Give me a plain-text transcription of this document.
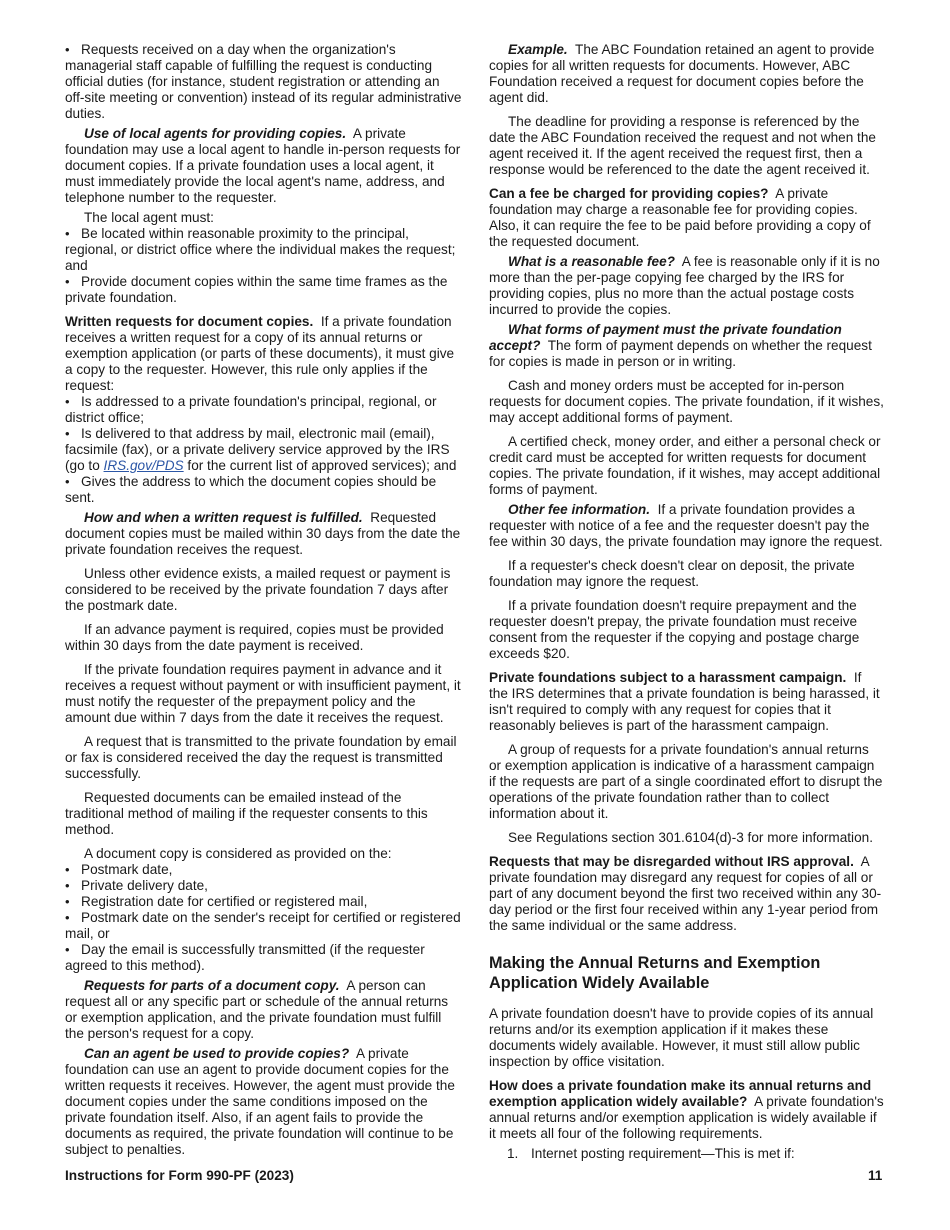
• Requests received on a day when the organization's managerial staff capable of fulfilling the request is conducting official duties (for instance, student registration or attending an off-site meeting or convention) instead of its regular administrative duties.

Use of local agents for providing copies. A private foundation may use a local agent to handle in-person requests for document copies. If a private foundation uses a local agent, it must immediately provide the local agent's name, address, and telephone number to the requester.

The local agent must:

• Be located within reasonable proximity to the principal, regional, or district office where the individual makes the request; and

• Provide document copies within the same time frames as the private foundation.

Written requests for document copies. If a private foundation receives a written request for a copy of its annual returns or exemption application (or parts of these documents), it must give a copy to the requester. However, this rule only applies if the request:

• Is addressed to a private foundation's principal, regional, or district office;

• Is delivered to that address by mail, electronic mail (email), facsimile (fax), or a private delivery service approved by the IRS (go to IRS.gov/PDS for the current list of approved services); and

• Gives the address to which the document copies should be sent.

How and when a written request is fulfilled. Requested document copies must be mailed within 30 days from the date the private foundation receives the request.

Unless other evidence exists, a mailed request or payment is considered to be received by the private foundation 7 days after the postmark date.

If an advance payment is required, copies must be provided within 30 days from the date payment is received.

If the private foundation requires payment in advance and it receives a request without payment or with insufficient payment, it must notify the requester of the prepayment policy and the amount due within 7 days from the date it receives the request.

A request that is transmitted to the private foundation by email or fax is considered received the day the request is transmitted successfully.

Requested documents can be emailed instead of the traditional method of mailing if the requester consents to this method.

A document copy is considered as provided on the:

• Postmark date,

• Private delivery date,

• Registration date for certified or registered mail,

• Postmark date on the sender's receipt for certified or registered mail, or

• Day the email is successfully transmitted (if the requester agreed to this method).

Requests for parts of a document copy. A person can request all or any specific part or schedule of the annual returns or exemption application, and the private foundation must fulfill the person's request for a copy.

Can an agent be used to provide copies? A private foundation can use an agent to provide document copies for the written requests it receives. However, the agent must provide the document copies under the same conditions imposed on the private foundation itself. Also, if an agent fails to provide the documents as required, the private foundation will continue to be subject to penalties.

Example. The ABC Foundation retained an agent to provide copies for all written requests for documents. However, ABC Foundation received a request for document copies before the agent did.

The deadline for providing a response is referenced by the date the ABC Foundation received the request and not when the agent received it. If the agent received the request first, then a response would be referenced to the date the agent received it.

Can a fee be charged for providing copies? A private foundation may charge a reasonable fee for providing copies. Also, it can require the fee to be paid before providing a copy of the requested document.

What is a reasonable fee? A fee is reasonable only if it is no more than the per-page copying fee charged by the IRS for providing copies, plus no more than the actual postage costs incurred to provide the copies.

What forms of payment must the private foundation accept? The form of payment depends on whether the request for copies is made in person or in writing.

Cash and money orders must be accepted for in-person requests for document copies. The private foundation, if it wishes, may accept additional forms of payment.

A certified check, money order, and either a personal check or credit card must be accepted for written requests for document copies. The private foundation, if it wishes, may accept additional forms of payment.

Other fee information. If a private foundation provides a requester with notice of a fee and the requester doesn't pay the fee within 30 days, the private foundation may ignore the request.

If a requester's check doesn't clear on deposit, the private foundation may ignore the request.

If a private foundation doesn't require prepayment and the requester doesn't prepay, the private foundation must receive consent from the requester if the copying and postage charge exceeds $20.

Private foundations subject to a harassment campaign. If the IRS determines that a private foundation is being harassed, it isn't required to comply with any request for copies that it reasonably believes is part of the harassment campaign.

A group of requests for a private foundation's annual returns or exemption application is indicative of a harassment campaign if the requests are part of a single coordinated effort to disrupt the operations of the private foundation rather than to collect information about it.

See Regulations section 301.6104(d)-3 for more information.

Requests that may be disregarded without IRS approval. A private foundation may disregard any request for copies of all or part of any document beyond the first two received within any 30-day period or the first four received within any 1-year period from the same individual or the same address.

Making the Annual Returns and Exemption Application Widely Available

A private foundation doesn't have to provide copies of its annual returns and/or its exemption application if it makes these documents widely available. However, it must still allow public inspection by office visitation.

How does a private foundation make its annual returns and exemption application widely available? A private foundation's annual returns and/or exemption application is widely available if it meets all four of the following requirements.

1. Internet posting requirement—This is met if:

Instructions for Form 990-PF (2023)	11
